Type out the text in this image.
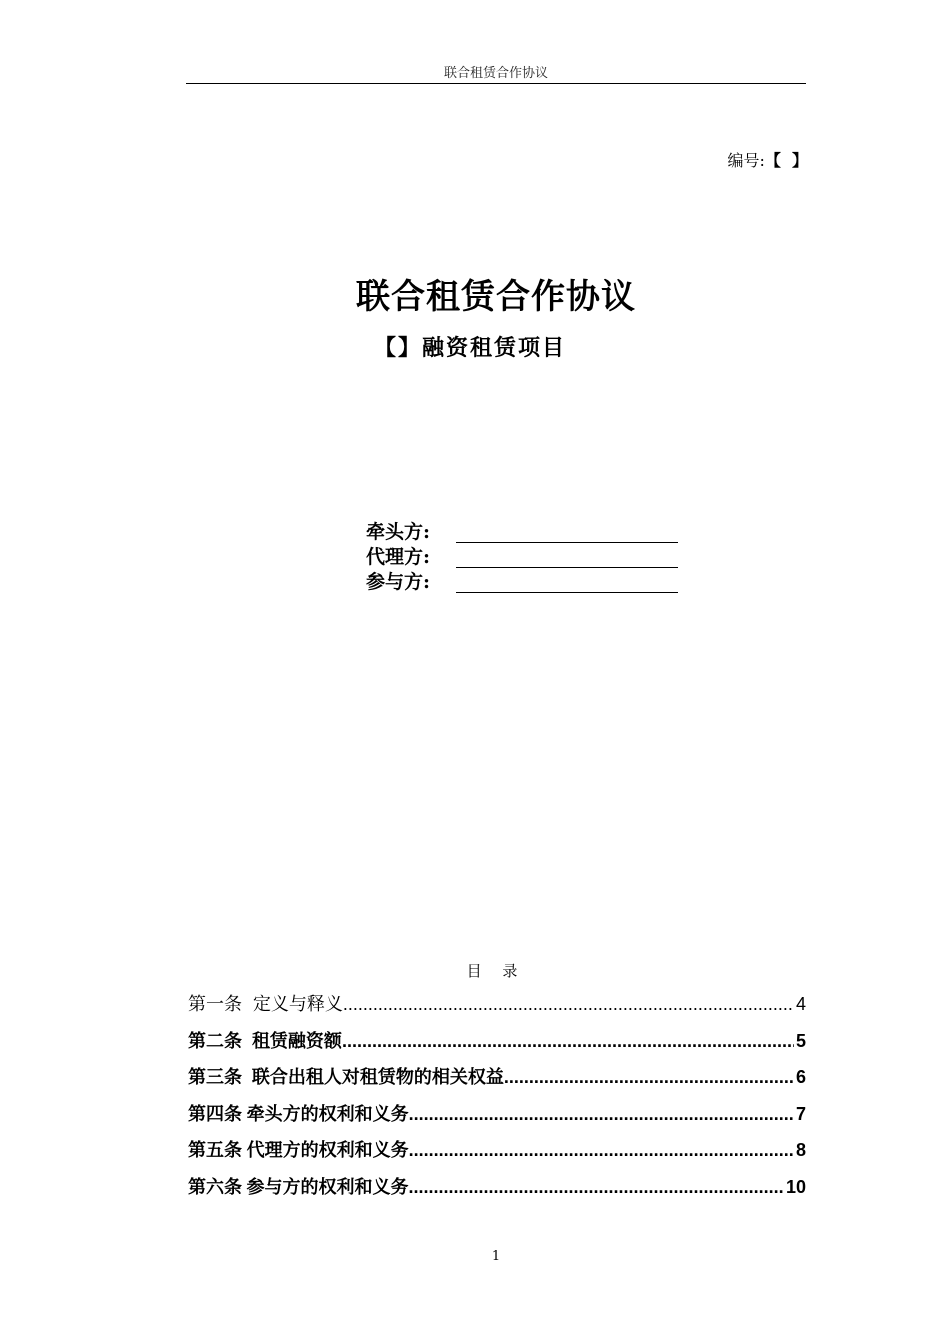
联合租赁合作协议
编号:【  】
联合租赁合作协议
【】融资租赁项目
牵头方:
代理方:
参与方:
目 录
第一条 定义与释义 .....	4
第二条 租赁融资额 .....	5
第三条 联合出租人对租赁物的相关权益 .....	6
第四条 牵头方的权利和义务 .....	7
第五条 代理方的权利和义务 .....	8
第六条 参与方的权利和义务 .....	10
1
